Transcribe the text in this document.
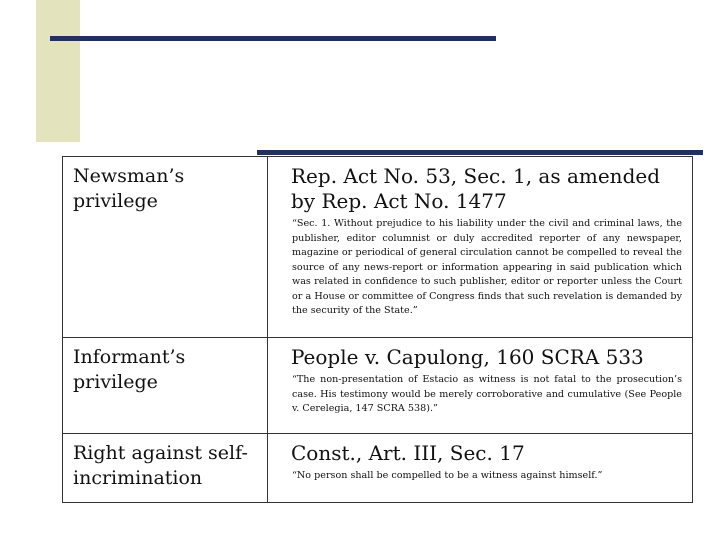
Newsman’s privilege	Rep. Act No. 53, Sec. 1, as amended by Rep. Act No. 1477
“Sec. 1. Without prejudice to his liability under the civil and criminal laws, the publisher, editor columnist or duly accredited reporter of any newspaper, magazine or periodical of general circulation cannot be compelled to reveal the source of any news-report or information appearing in said publication which was related in confidence to such publisher, editor or reporter unless the Court or a House or committee of Congress finds that such revelation is demanded by the security of the State.”

Informant’s privilege	People v. Capulong, 160 SCRA 533
“The non-presentation of Estacio as witness is not fatal to the prosecution’s case. His testimony would be merely corroborative and cumulative (See People v. Cerelegia, 147 SCRA 538).”

Right against self-incrimination	Const., Art. III, Sec. 17
“No person shall be compelled to be a witness against himself.”
